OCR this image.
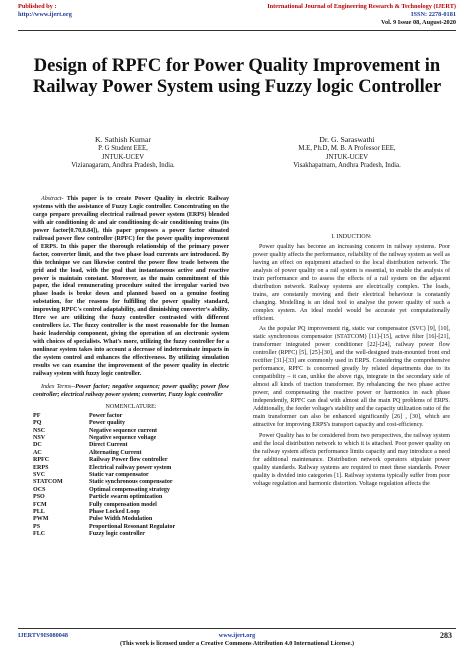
Published by :
http://www.ijert.org
International Journal of Engineering Research & Technology (IJERT)
ISSN: 2278-0181
Vol. 9 Issue 08, August-2020
Design of RPFC for Power Quality Improvement in Railway Power System using Fuzzy logic Controller
K. Sathish Kumar
P. G Student EEE,
JNTUK-UCEV
Vizianagaram, Andhra Pradesh, India.
Dr. G. Saraswathi
M.E, Ph.D, M. B. A Professor EEE,
JNTUK-UCEV
Visakhapatnam, Andhra Pradesh, India.

Abstract- This paper is to create Power Quality in electric Railway systems with the assistance of Fuzzy Logic controller. Concentrating on the cargo prepare prevailing electrical railroad power system (ERPS) blended with air conditioning dc and air conditioning dc-air conditioning trains (its power factor[0.70,0.84]), this paper proposes a power factor situated railroad power flow controller (RPFC) for the power quality improvement of ERPS. In this paper the thorough relationship of the primary power factor, converter limit, and the two phase load currents are introduced. By this technique we can likewise control the power flow trade between the grid and the load, with the goal that instantaneous active and reactive power is maintain constant. Moreover, as the main commitment of this paper, the ideal remunerating procedure suited the irregular varied two phase loads is broke down and planned based on a genuine footing substation, for the reasons for fulfilling the power quality standard, improving RPFC's control adaptability, and diminishing converter's ability. Here we are utilizing the fuzzy controller contrasted with different controllers i.e. The fuzzy controller is the most reasonable for the human basic leadership component, giving the operation of an electronic system with choices of specialists. What's more, utilizing the fuzzy controller for a nonlinear system takes into account a decrease of indeterminate impacts in the system control and enhances the effectiveness. By utilizing simulation results we can examine the improvement of the power quality in electric railway system with fuzzy logic controller.

Index Terms--Power factor; negative sequence; power quality; power flow controller; electrical railway power system; converter, Fuzzy logic controller

NOMENCLATURE:
PF	Power factor
PQ	Power quality
NSC	Negative sequence current
NSV	Negative sequence voltage
DC	Direct Current
AC	Alternating Current
RPFC	Railway Power flow controller
ERPS	Electrical railway power system
SVC	Static var compensator
STATCOM	Static synchronous compensator
OCS	Optimal compensating strategy
PSO	Particle swarm optimization
FCM	Fully compensation model
PLL	Phase Locked Loop
PWM	Pulse Width Modulation
PS	Proportional Resonant Regulator
FLC	Fuzzy logic controller
I. INDUCTION:

Power quality has become an increasing concern in railway systems. Poor power quality affects the performance, reliability of the railway system as well as having an effect on equipment attached to the local distribution network. The analysis of power quality on a rail system is essential, to enable the analysis of train performance and to assess the effects of a rail system on the adjacent distribution network. Railway systems are electrically complex. The loads, trains, are constantly moving and their electrical behaviour is constantly changing. Modelling is an ideal tool to analyse the power quality of such a complex system. An ideal model would be accurate yet computationally efficient.

As the popular PQ improvement rig, static var compensator (SVC) [9], [10], static synchronous compensator (STATCOM) [11]-[15], active filter [16]-[21], transformer integrated power conditioner [22]-[24], railway power flow controller (RPFC) [5], [25]-[30], and the well-designed train-mounted front end rectifier [31]-[33] are commonly used in ERPS. Considering the comprehensive performance, RPFC is concerned greatly by related departments due to its compatibility – it can, unlike the above rigs, integrate in the secondary side of almost all kinds of traction transformer. By rebalancing the two phase active power, and compensating the reactive power or harmonics in each phase independently, RPFC can deal with almost all the main PQ problems of ERPS. Additionally, the feeder voltage's stability and the capacity utilization ratio of the main transformer can also be enhanced significantly [26] , [30], which are attractive for improving ERPS's transport capacity and cost-efficiency.

Power Quality has to be considered from two perspectives, the railway system and the local distribution network to which it is attached. Poor power quality on the railway system affects performance limits capacity and may introduce a need for additional maintenance. Distribution network operators stipulate power quality standards. Railway systems are required to meet these standards. Power quality is divided into categories [1]. Railway systems typically suffer from poor voltage regulation and harmonic distortion. Voltage regulation affects the

IJERTV9IS080048	www.ijert.org
(This work is licensed under a Creative Commons Attribution 4.0 International License.)
283
